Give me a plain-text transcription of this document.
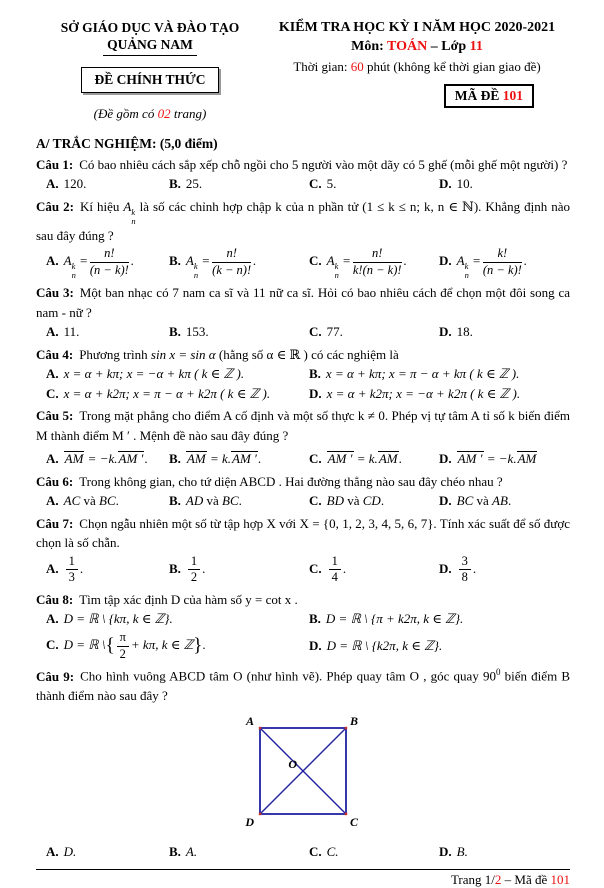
SỞ GIÁO DỤC VÀ ĐÀO TẠO
QUẢNG NAM
ĐỀ CHÍNH THỨC
(Đề gồm có 02 trang)
KIỂM TRA HỌC KỲ I NĂM HỌC 2020-2021
Môn: TOÁN – Lớp 11
Thời gian: 60 phút (không kể thời gian giao đề)
MÃ ĐỀ 101
A/ TRẮC NGHIỆM: (5,0 điểm)

Câu 1: Có bao nhiêu cách sắp xếp chỗ ngồi cho 5 người vào một dãy có 5 ghế (mỗi ghế một người) ?

A. 120.	B. 25.	C. 5.	D. 10.

Câu 2: Kí hiệu A k
n
là số các chỉnh hợp chập k của n phần tử (1 ≤ k ≤ n; k, n ∈ ℕ). Khẳng định nào sau đây đúng ?

A. A k
n
= $\frac{n!}{(n - k)!}$ .	B. A k
n
= $\frac{n!}{(k - n)!}$ .	C. A k
n
= $\frac{n!}{k!(n - k)!}$ .	D. A k
n
= $\frac{k!}{(n - k)!}$ .

Câu 3: Một ban nhạc có 7 nam ca sĩ và 11 nữ ca sĩ. Hỏi có bao nhiêu cách để chọn một đôi song ca nam - nữ ?

A. 11.	B. 153.	C. 77.	D. 18.

Câu 4: Phương trình sin x = sin α (hằng số α ∈ ℝ ) có các nghiệm là

A. x = α + kπ; x = −α + kπ ( k ∈ ℤ ).	B. x = α + kπ; x = π − α + kπ ( k ∈ ℤ ).
C. x = α + k2π; x = π − α + k2π ( k ∈ ℤ ).	D. x = α + k2π; x = −α + k2π ( k ∈ ℤ ).

Câu 5: Trong mặt phẳng cho điểm A cố định và một số thực k ≠ 0. Phép vị tự tâm A tỉ số k biến điểm M thành điểm M ′ . Mệnh đề nào sau đây đúng ?

A. AM = −k.AM ′.	B. AM = k.AM ′.	C. AM ′ = k.AM.	D. AM ′ = −k.AM

Câu 6: Trong không gian, cho tứ diện ABCD . Hai đường thẳng nào sau đây chéo nhau ?

A. AC và BC.	B. AD và BC.	C. BD và CD.	D. BC và AB.

Câu 7: Chọn ngẫu nhiên một số từ tập hợp X với X = {0, 1, 2, 3, 4, 5, 6, 7}. Tính xác suất để số được chọn là số chẵn.

A. $\frac{1}{3}$ .	B. $\frac{1}{2}$ .	C. $\frac{1}{4}$ .	D. $\frac{3}{8}$ .

Câu 8: Tìm tập xác định D của hàm số y = cot x .

A. D = ℝ \ {kπ, k ∈ ℤ}.	B. D = ℝ \ {π + k2π, k ∈ ℤ}.
C. D = ℝ \{ $\frac{\pi}{2} + k\pi$, k ∈ ℤ}.	D. D = ℝ \ {k2π, k ∈ ℤ}.

Câu 9: Cho hình vuông ABCD tâm O (như hình vẽ). Phép quay tâm O , góc quay $90^0$ biến điểm B thành điểm nào sau đây ?

A	B
C
D
O
A. D.	B. A.	C. C.	D. B.
Trang 1/2 – Mã đề 101
